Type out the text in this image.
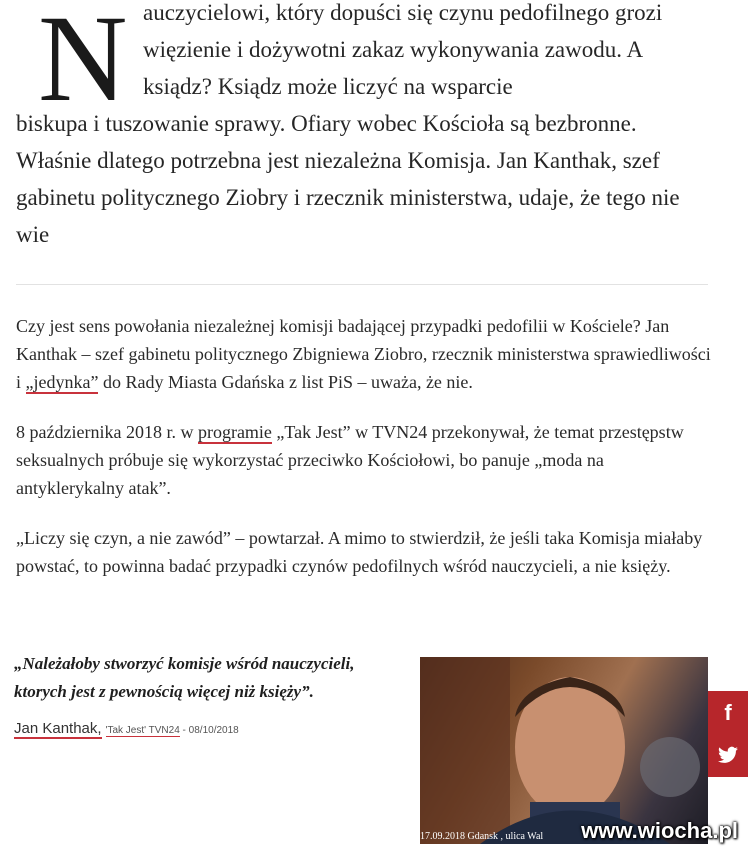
N auczycielowi, który dopuści się czynu pedofilnego grozi więzienie i dożywotni zakaz wykonywania zawodu. A ksiądz? Ksiądz może liczyć na wsparcie

biskupa i tuszowanie sprawy. Ofiary wobec Kościoła są bezbronne. Właśnie dlatego potrzebna jest niezależna Komisja. Jan Kanthak, szef gabinetu politycznego Ziobry i rzecznik ministerstwa, udaje, że tego nie wie

Czy jest sens powołania niezależnej komisji badającej przypadki pedofilii w Kościele? Jan Kanthak – szef gabinetu politycznego Zbigniewa Ziobro, rzecznik ministerstwa sprawiedliwości i „jedynka” do Rady Miasta Gdańska z list PiS – uważa, że nie.

8 października 2018 r. w programie „Tak Jest” w TVN24 przekonywał, że temat przestępstw seksualnych próbuje się wykorzystać przeciwko Kościołowi, bo panuje „moda na antyklerykalny atak”.

„Liczy się czyn, a nie zawód” – powtarzał. A mimo to stwierdził, że jeśli taka Komisja miałaby powstać, to powinna badać przypadki czynów pedofilnych wśród nauczycieli, a nie księży.

„Należałoby stworzyć komisje wśród nauczycieli, ktorych jest z pewnością więcej niż księży”.

Jan Kanthak, 'Tak Jest' TVN24 - 08/10/2018
17.09.2018 Gdansk , ulica Wal
f
www.wiocha.pl
